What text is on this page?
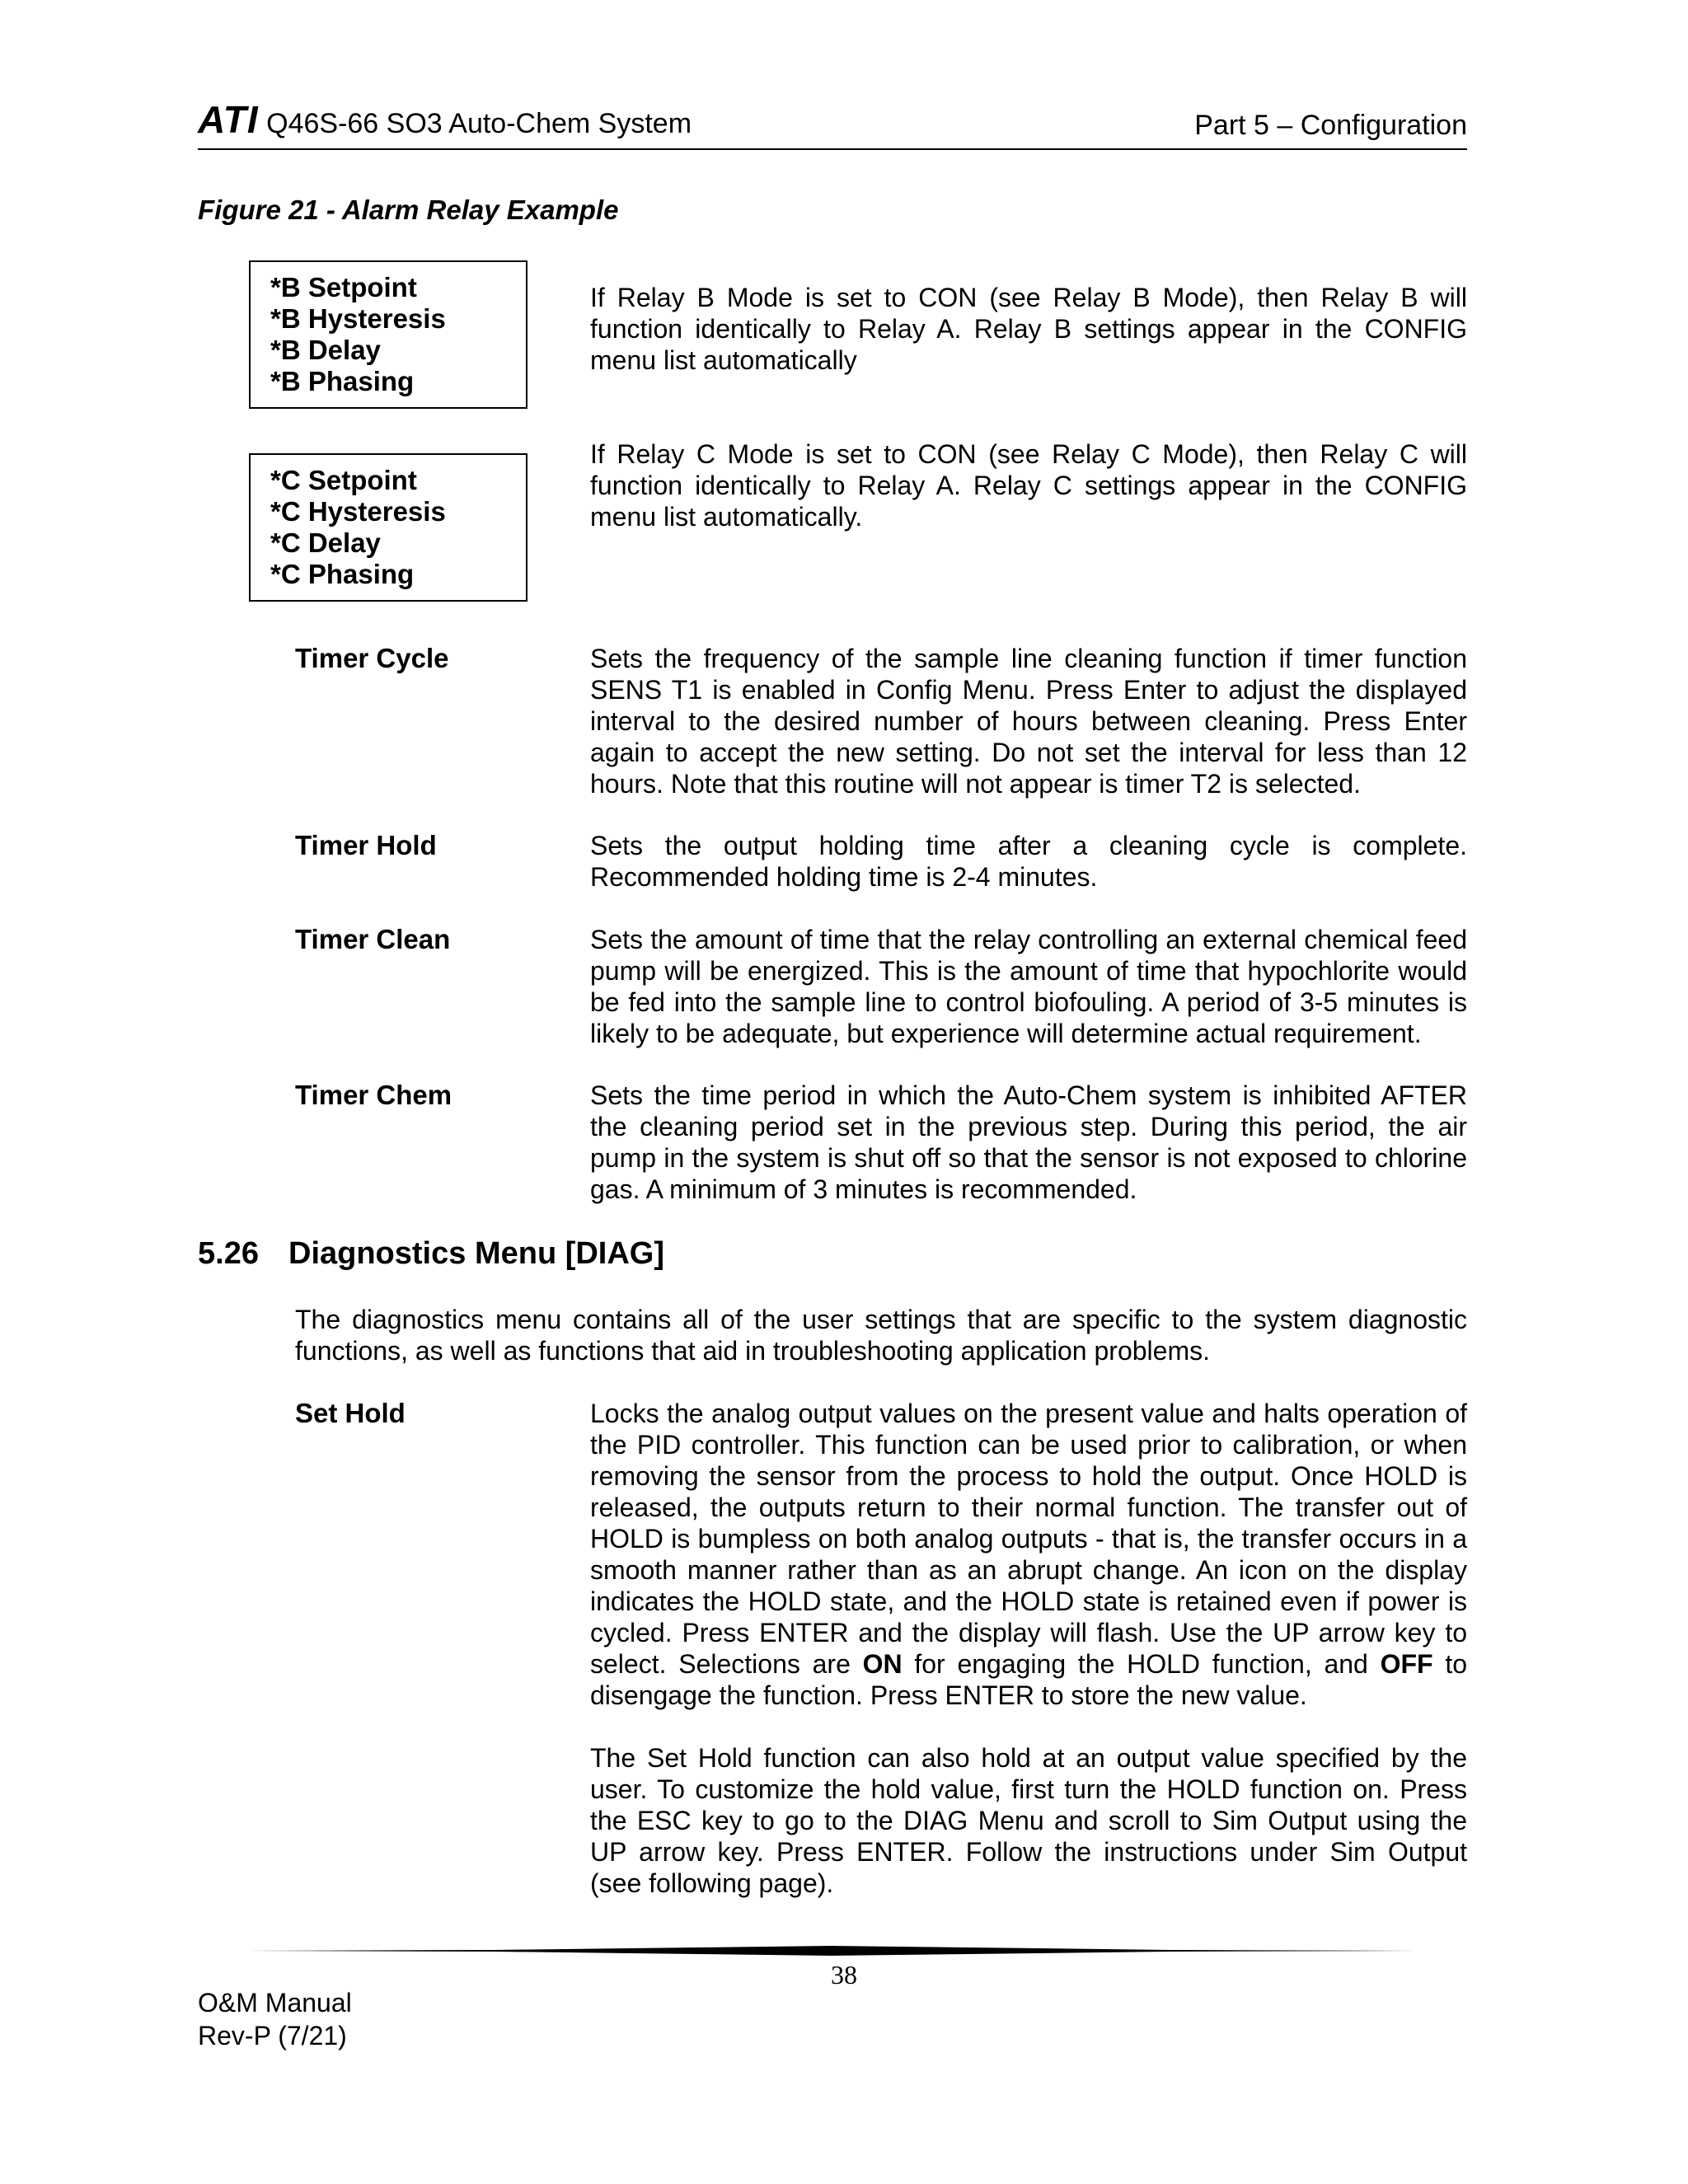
ATI Q46S-66 SO3 Auto-Chem System	Part 5 – Configuration
Figure 21 - Alarm Relay Example
*B Setpoint
*B Hysteresis
*B Delay
*B Phasing

If Relay B Mode is set to CON (see Relay B Mode), then Relay B will function identically to Relay A. Relay B settings appear in the CONFIG menu list automatically

*C Setpoint
*C Hysteresis
*C Delay
*C Phasing

If Relay C Mode is set to CON (see Relay C Mode), then Relay C will function identically to Relay A. Relay C settings appear in the CONFIG menu list automatically.

Timer Cycle	Sets the frequency of the sample line cleaning function if timer function SENS T1 is enabled in Config Menu. Press Enter to adjust the displayed interval to the desired number of hours between cleaning. Press Enter again to accept the new setting. Do not set the interval for less than 12 hours. Note that this routine will not appear is timer T2 is selected.

Timer Hold	Sets the output holding time after a cleaning cycle is complete. Recommended holding time is 2-4 minutes.

Timer Clean	Sets the amount of time that the relay controlling an external chemical feed pump will be energized. This is the amount of time that hypochlorite would be fed into the sample line to control biofouling. A period of 3-5 minutes is likely to be adequate, but experience will determine actual requirement.

Timer Chem	Sets the time period in which the Auto-Chem system is inhibited AFTER the cleaning period set in the previous step. During this period, the air pump in the system is shut off so that the sensor is not exposed to chlorine gas. A minimum of 3 minutes is recommended.

5.26 Diagnostics Menu [DIAG]
The diagnostics menu contains all of the user settings that are specific to the system diagnostic functions, as well as functions that aid in troubleshooting application problems.
Set Hold	Locks the analog output values on the present value and halts operation of the PID controller. This function can be used prior to calibration, or when removing the sensor from the process to hold the output. Once HOLD is released, the outputs return to their normal function. The transfer out of HOLD is bumpless on both analog outputs - that is, the transfer occurs in a smooth manner rather than as an abrupt change. An icon on the display indicates the HOLD state, and the HOLD state is retained even if power is cycled. Press ENTER and the display will flash. Use the UP arrow key to select. Selections are ON for engaging the HOLD function, and OFF to disengage the function. Press ENTER to store the new value.

The Set Hold function can also hold at an output value specified by the user. To customize the hold value, first turn the HOLD function on. Press the ESC key to go to the DIAG Menu and scroll to Sim Output using the UP arrow key. Press ENTER. Follow the instructions under Sim Output (see following page).

38
O&M Manual
Rev-P (7/21)
